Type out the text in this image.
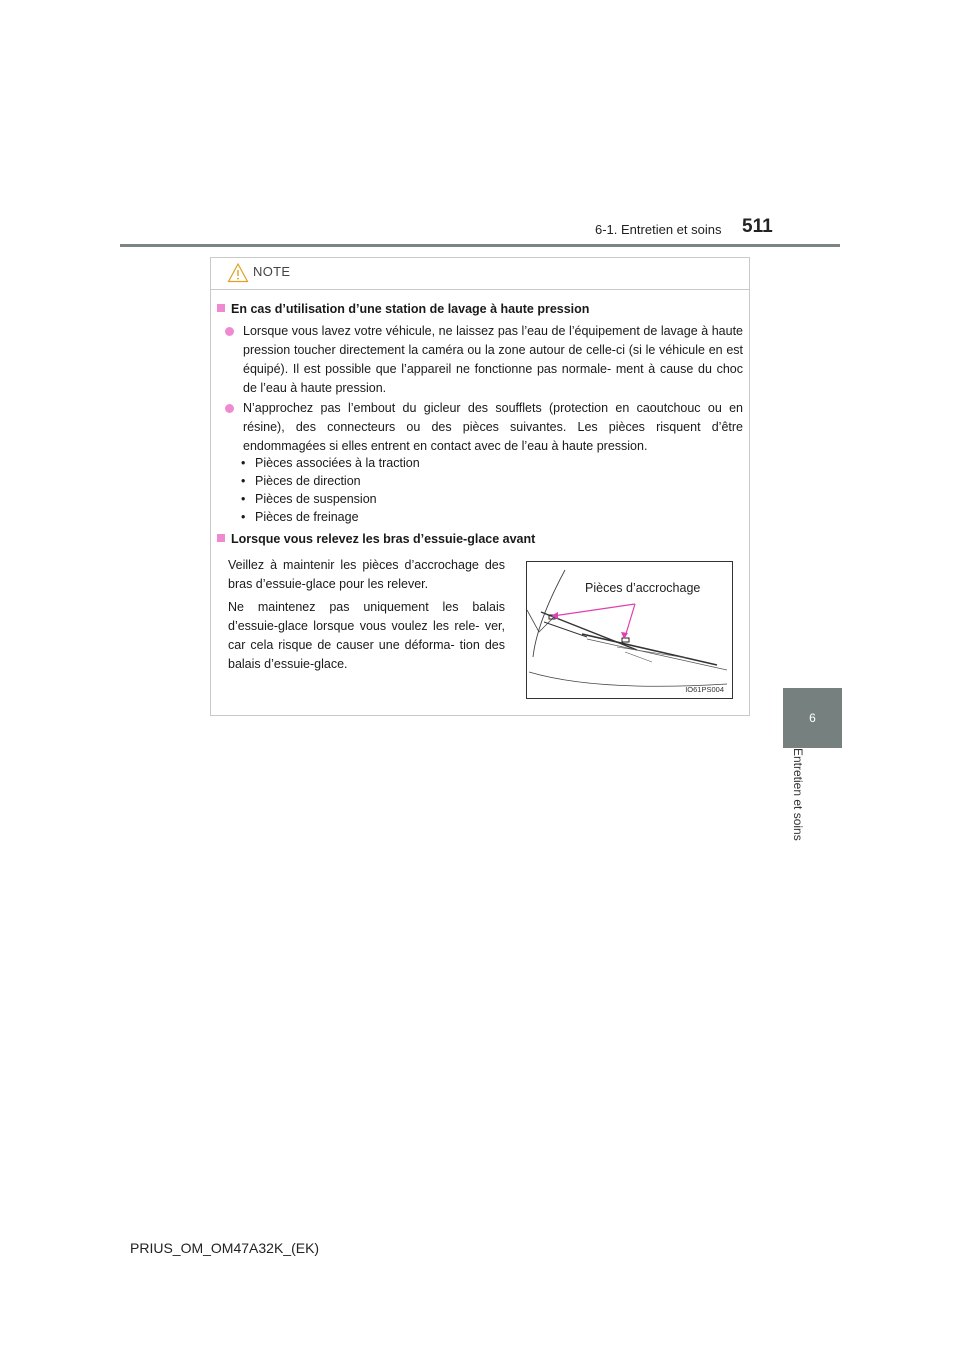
6-1. Entretien et soins 511
6
Entretien et soins
NOTE
En cas d’utilisation d’une station de lavage à haute pression

Lorsque vous lavez votre véhicule, ne laissez pas l’eau de l’équipement de lavage à haute pression toucher directement la caméra ou la zone autour de celle-ci (si le véhicule en est équipé). Il est possible que l’appareil ne fonctionne pas normale- ment à cause du choc de l’eau à haute pression.

N’approchez pas l’embout du gicleur des soufflets (protection en caoutchouc ou en résine), des connecteurs ou des pièces suivantes. Les pièces risquent d’être endommagées si elles entrent en contact avec de l’eau à haute pression.

• Pièces associées à la traction
• Pièces de direction
• Pièces de suspension
• Pièces de freinage
Lorsque vous relevez les bras d’essuie-glace avant

Veillez à maintenir les pièces d’accrochage des bras d’essuie-glace pour les relever.

Ne maintenez pas uniquement les balais d’essuie-glace lorsque vous voulez les rele- ver, car cela risque de causer une déforma- tion des balais d’essuie-glace.

Pièces d’accrochage
IO61PS004
PRIUS_OM_OM47A32K_(EK)
